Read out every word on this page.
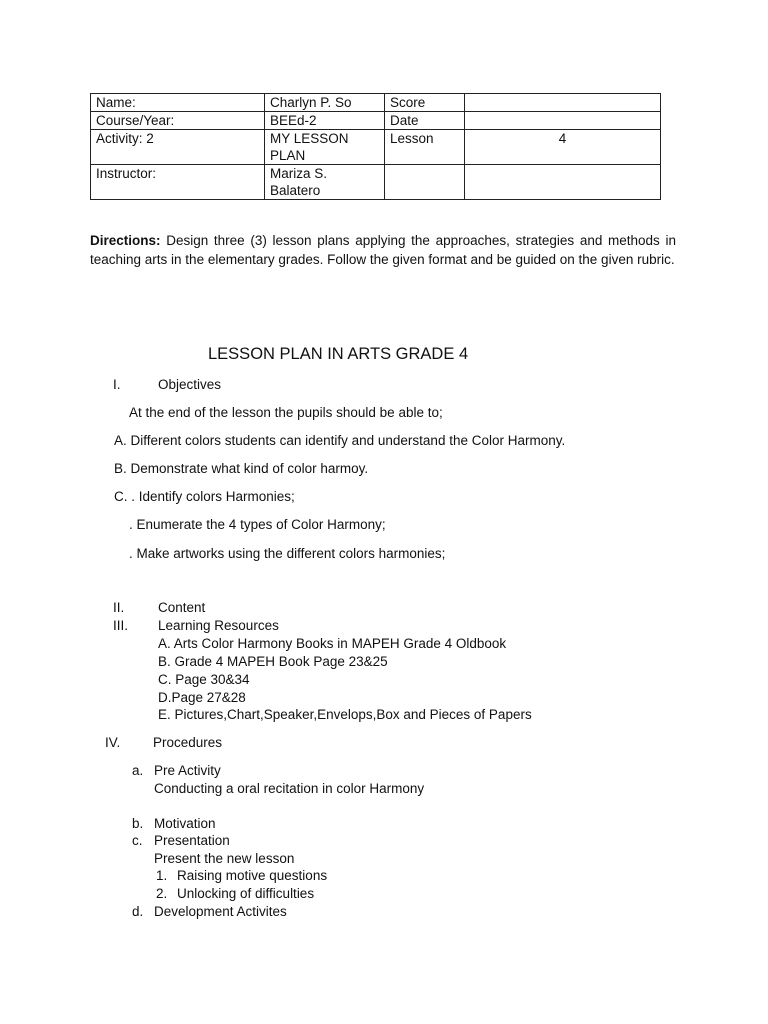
Name:	Charlyn P. So	Score	
Course/Year:	BEEd-2	Date	
Activity: 2	MY LESSON PLAN	Lesson	4
Instructor:	Mariza S. Balatero		
Directions: Design three (3) lesson plans applying the approaches, strategies and methods in teaching arts in the elementary grades. Follow the given format and be guided on the given rubric.
LESSON PLAN IN ARTS GRADE 4
I.	Objectives
At the end of the lesson the pupils should be able to;
A. Different colors students can identify and understand the Color Harmony.
B. Demonstrate what kind of color harmoy.
C. . Identify colors Harmonies;
. Enumerate the 4 types of Color Harmony;
. Make artworks using the different colors harmonies;
II. Content
III. Learning Resources
A. Arts Color Harmony Books in MAPEH Grade 4 Oldbook
B. Grade 4 MAPEH Book Page 23&25
C. Page 30&34
D.Page 27&28
E. Pictures,Chart,Speaker,Envelops,Box and Pieces of Papers
IV. Procedures
a. Pre Activity
Conducting a oral recitation in color Harmony
b. Motivation
c. Presentation
Present the new lesson
1. Raising motive questions
2. Unlocking of difficulties
d. Development Activites
